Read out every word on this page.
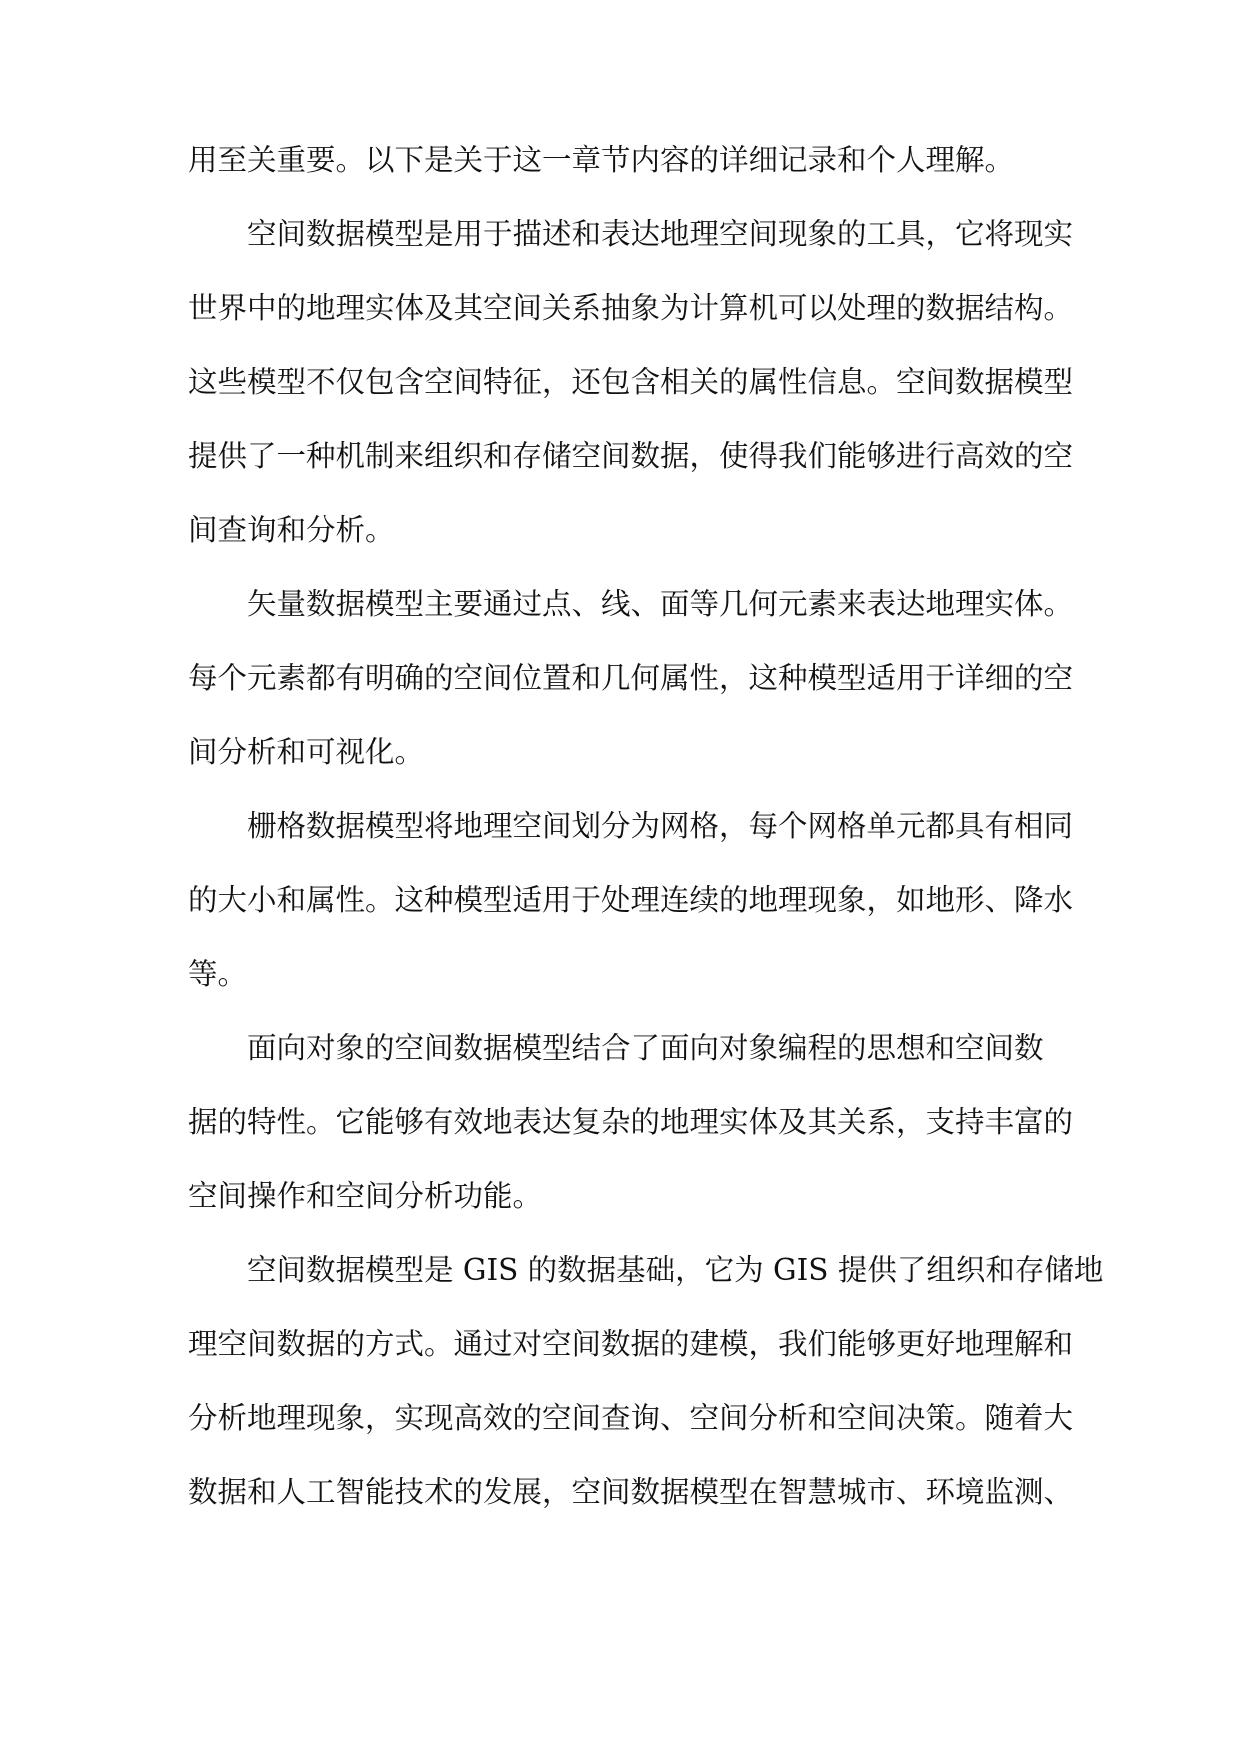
用至关重要。以下是关于这一章节内容的详细记录和个人理解。
空间数据模型是用于描述和表达地理空间现象的工具，它将现实
世界中的地理实体及其空间关系抽象为计算机可以处理的数据结构。
这些模型不仅包含空间特征，还包含相关的属性信息。空间数据模型
提供了一种机制来组织和存储空间数据，使得我们能够进行高效的空
间查询和分析。
矢量数据模型主要通过点、线、面等几何元素来表达地理实体。
每个元素都有明确的空间位置和几何属性，这种模型适用于详细的空
间分析和可视化。
栅格数据模型将地理空间划分为网格，每个网格单元都具有相同
的大小和属性。这种模型适用于处理连续的地理现象，如地形、降水
等。
面向对象的空间数据模型结合了面向对象编程的思想和空间数
据的特性。它能够有效地表达复杂的地理实体及其关系，支持丰富的
空间操作和空间分析功能。
空间数据模型是 GIS 的数据基础，它为 GIS 提供了组织和存储地
理空间数据的方式。通过对空间数据的建模，我们能够更好地理解和
分析地理现象，实现高效的空间查询、空间分析和空间决策。随着大
数据和人工智能技术的发展，空间数据模型在智慧城市、环境监测、
